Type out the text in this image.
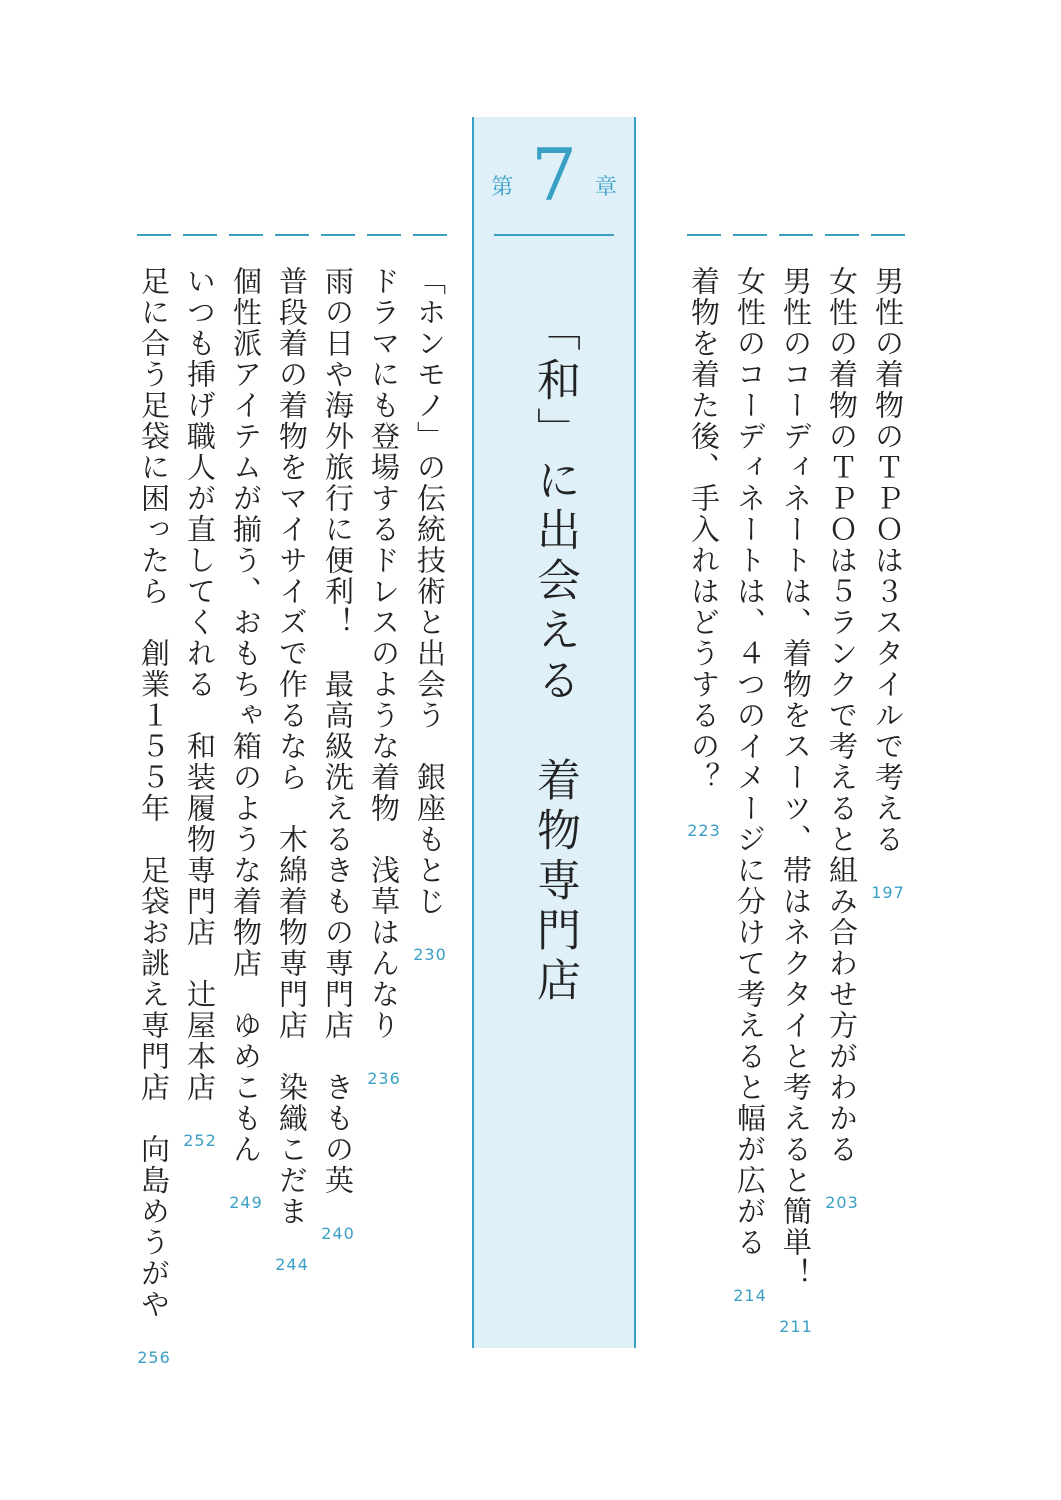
第 7 章
「和」に出会える　着物専門店	男性の着物のＴＰＯは３スタイルで考える
197
女性の着物のＴＰＯは５ランクで考えると組み合わせ方がわかる
203
男性のコーディネートは、着物をスーツ、帯はネクタイと考えると簡単！
211
女性のコーディネートは、４つのイメージに分けて考えると幅が広がる
214
着物を着た後、手入れはどうするの？
223
「ホンモノ」の伝統技術と出会う　銀座もとじ
230
ドラマにも登場するドレスのような着物　浅草はんなり
236
雨の日や海外旅行に便利！　最高級洗えるきもの専門店　きもの英
240
普段着の着物をマイサイズで作るなら　木綿着物専門店　染織こだま
244
個性派アイテムが揃う、おもちゃ箱のような着物店　ゆめこもん
249
いつも挿げ職人が直してくれる　和装履物専門店　辻屋本店
252
足に合う足袋に困ったら　創業１５５年　足袋お誂え専門店　向島めうがや
256
